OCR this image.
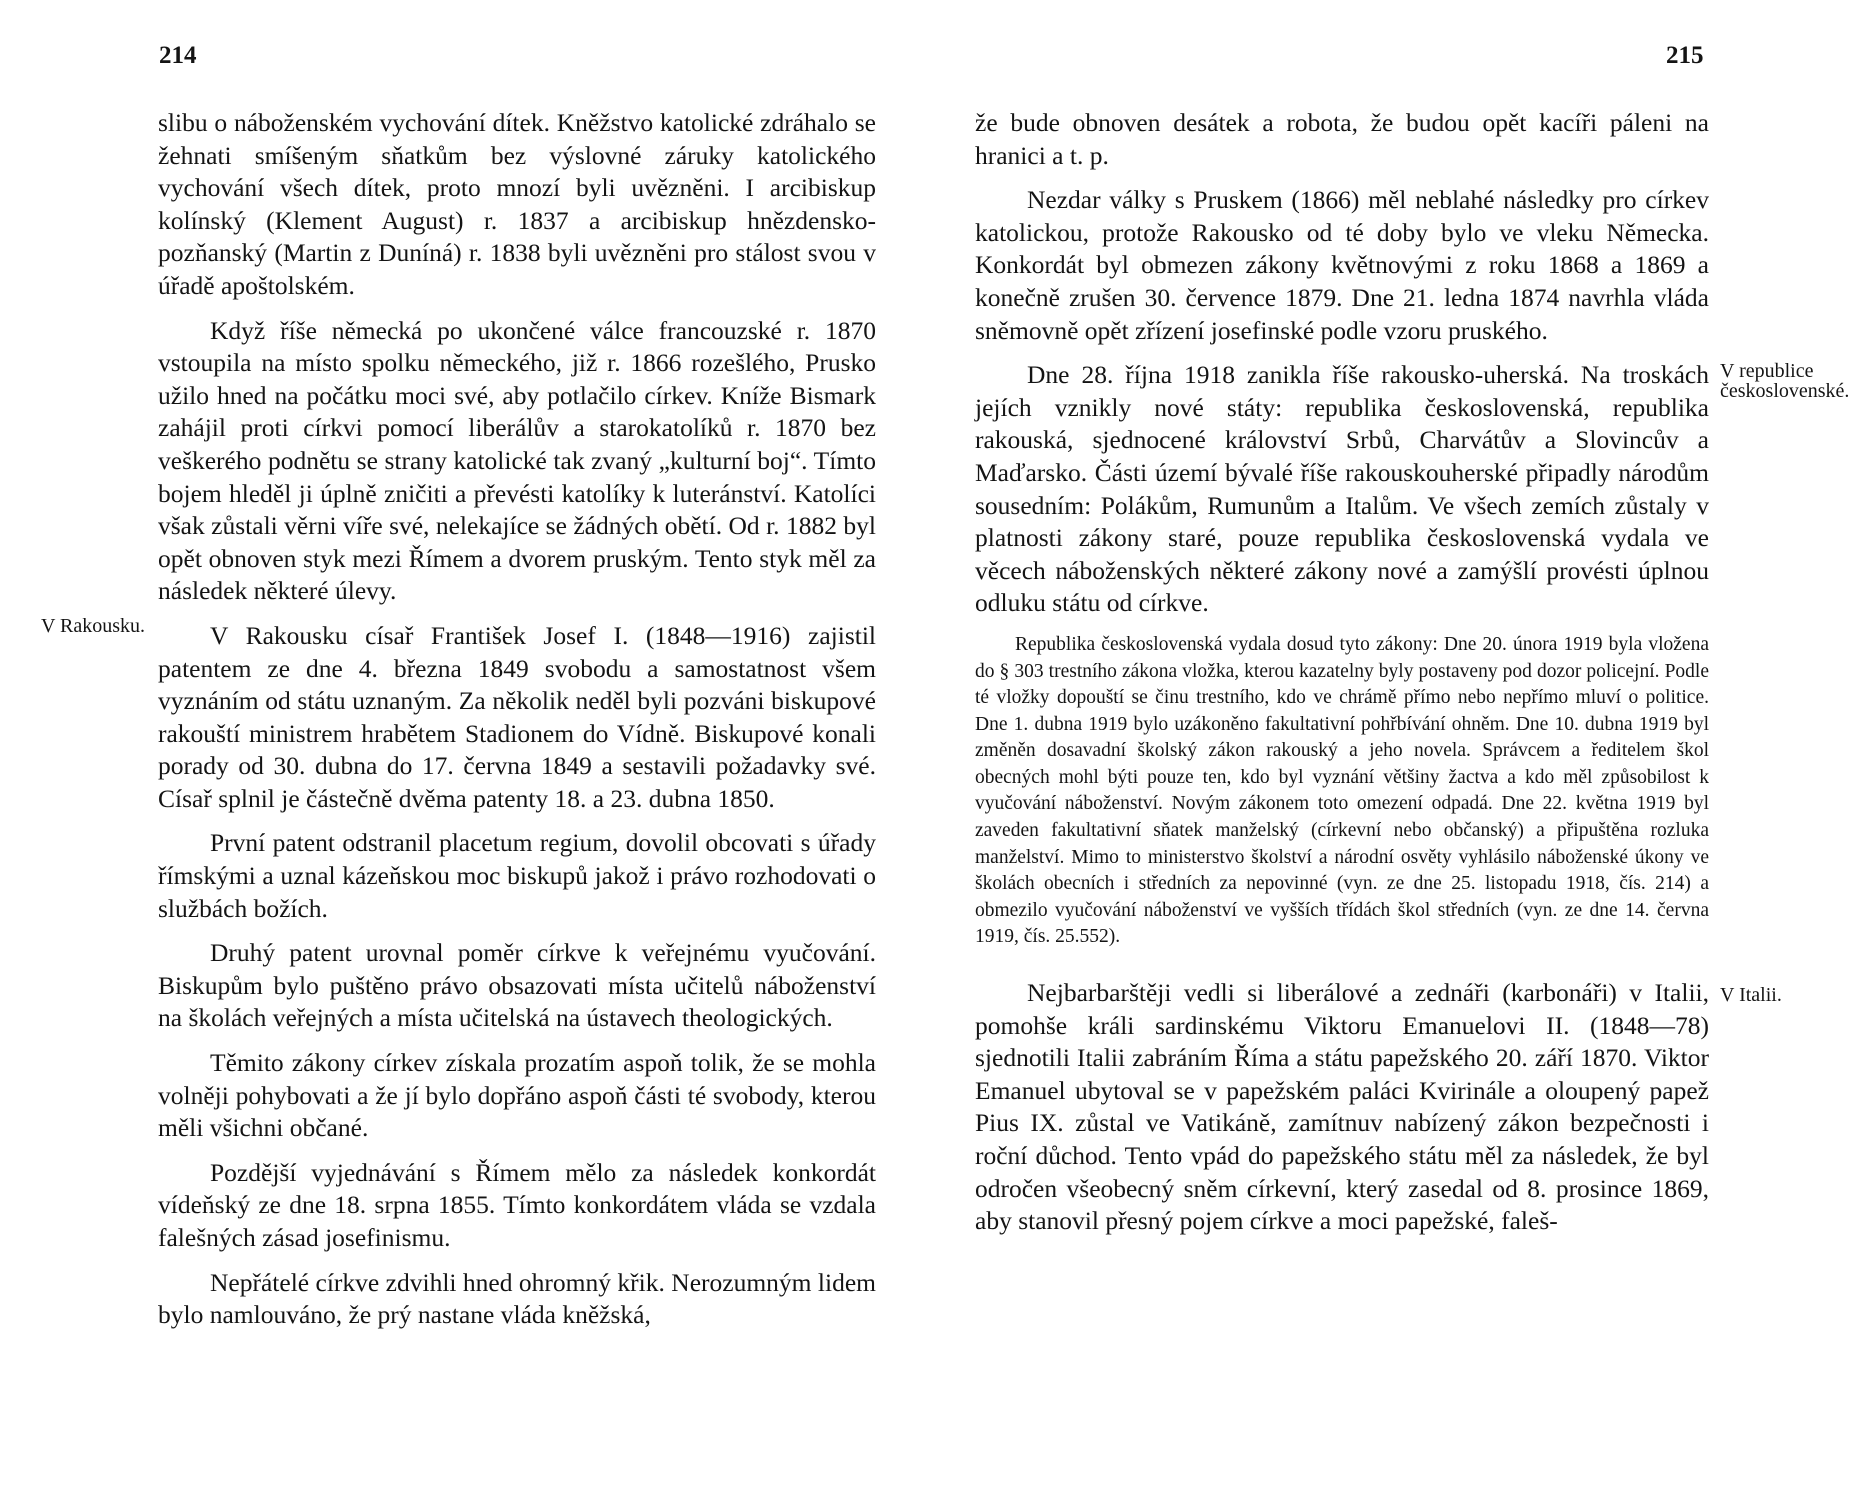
214

slibu o náboženském vychování dítek. Kněžstvo katolické zdráhalo se žehnati smíšeným sňatkům bez výslovné záruky katolického vychování všech dítek, proto mnozí byli uvězněni. I arcibiskup kolínský (Klement August) r. 1837 a arcibiskup hnězdensko-pozňanský (Martin z Duníná) r. 1838 byli uvězněni pro stálost svou v úřadě apoštolském.

Když říše německá po ukončené válce francouzské r. 1870 vstoupila na místo spolku německého, již r. 1866 rozešlého, Prusko užilo hned na počátku moci své, aby potlačilo církev. Kníže Bismark zahájil proti církvi pomocí liberálův a starokatolíků r. 1870 bez veškerého podnětu se strany katolické tak zvaný „kulturní boj“. Tímto bojem hleděl ji úplně zničiti a převésti katolíky k luteránství. Katolíci však zůstali věrni víře své, nelekajíce se žádných obětí. Od r. 1882 byl opět obnoven styk mezi Římem a dvorem pruským. Tento styk měl za následek některé úlevy.

V Rakousku.	V Rakousku císař František Josef I. (1848—1916) zajistil patentem ze dne 4. března 1849 svobodu a samostatnost všem vyznáním od státu uznaným. Za několik neděl byli pozváni biskupové rakouští ministrem hrabětem Stadionem do Vídně. Biskupové konali porady od 30. dubna do 17. června 1849 a sestavili požadavky své. Císař splnil je částečně dvěma patenty 18. a 23. dubna 1850.

První patent odstranil placetum regium, dovolil obcovati s úřady římskými a uznal kázeňskou moc biskupů jakož i právo rozhodovati o službách božích.

Druhý patent urovnal poměr církve k veřejnému vyučování. Biskupům bylo puštěno právo obsazovati místa učitelů náboženství na školách veřejných a místa učitelská na ústavech theologických.

Těmito zákony církev získala prozatím aspoň tolik, že se mohla volněji pohybovati a že jí bylo dopřáno aspoň části té svobody, kterou měli všichni občané.

Pozdější vyjednávání s Římem mělo za následek konkordát vídeňský ze dne 18. srpna 1855. Tímto konkordátem vláda se vzdala falešných zásad josefinismu.

Nepřátelé církve zdvihli hned ohromný křik. Nerozumným lidem bylo namlouváno, že prý nastane vláda kněžská,

215

že bude obnoven desátek a robota, že budou opět kacíři páleni na hranici a t. p.

Nezdar války s Pruskem (1866) měl neblahé následky pro církev katolickou, protože Rakousko od té doby bylo ve vleku Německa. Konkordát byl obmezen zákony květnovými z roku 1868 a 1869 a konečně zrušen 30. července 1879. Dne 21. ledna 1874 navrhla vláda sněmovně opět zřízení josefinské podle vzoru pruského.

V republice československé.
Dne 28. října 1918 zanikla říše rakousko-uherská. Na troskách jejích vznikly nové státy: republika československá, republika rakouská, sjednocené království Srbů, Charvátův a Slovincův a Maďarsko. Části území bývalé říše rakouskouherské připadly národům sousedním: Polákům, Rumunům a Italům. Ve všech zemích zůstaly v platnosti zákony staré, pouze republika československá vydala ve věcech náboženských některé zákony nové a zamýšlí provésti úplnou odluku státu od církve.

Republika československá vydala dosud tyto zákony: Dne 20. února 1919 byla vložena do § 303 trestního zákona vložka, kterou kazatelny byly postaveny pod dozor policejní. Podle té vložky dopouští se činu trestního, kdo ve chrámě přímo nebo nepřímo mluví o politice. Dne 1. dubna 1919 bylo uzákoněno fakultativní pohřbívání ohněm. Dne 10. dubna 1919 byl změněn dosavadní školský zákon rakouský a jeho novela. Správcem a ředitelem škol obecných mohl býti pouze ten, kdo byl vyznání většiny žactva a kdo měl způsobilost k vyučování náboženství. Novým zákonem toto omezení odpadá. Dne 22. května 1919 byl zaveden fakultativní sňatek manželský (církevní nebo občanský) a připuštěna rozluka manželství. Mimo to ministerstvo školství a národní osvěty vyhlásilo náboženské úkony ve školách obecních i středních za nepovinné (vyn. ze dne 25. listopadu 1918, čís. 214) a obmezilo vyučování náboženství ve vyšších třídách škol středních (vyn. ze dne 14. června 1919, čís. 25.552).

V Italii.
Nejbarbarštěji vedli si liberálové a zednáři (karbonáři) v Italii, pomohše králi sardinskému Viktoru Emanuelovi II. (1848—78) sjednotili Italii zabráním Říma a státu papežského 20. září 1870. Viktor Emanuel ubytoval se v papežském paláci Kvirinále a oloupený papež Pius IX. zůstal ve Vatikáně, zamítnuv nabízený zákon bezpečnosti i roční důchod. Tento vpád do papežského státu měl za následek, že byl odročen všeobecný sněm církevní, který zasedal od 8. prosince 1869, aby stanovil přesný pojem církve a moci papežské, faleš-
